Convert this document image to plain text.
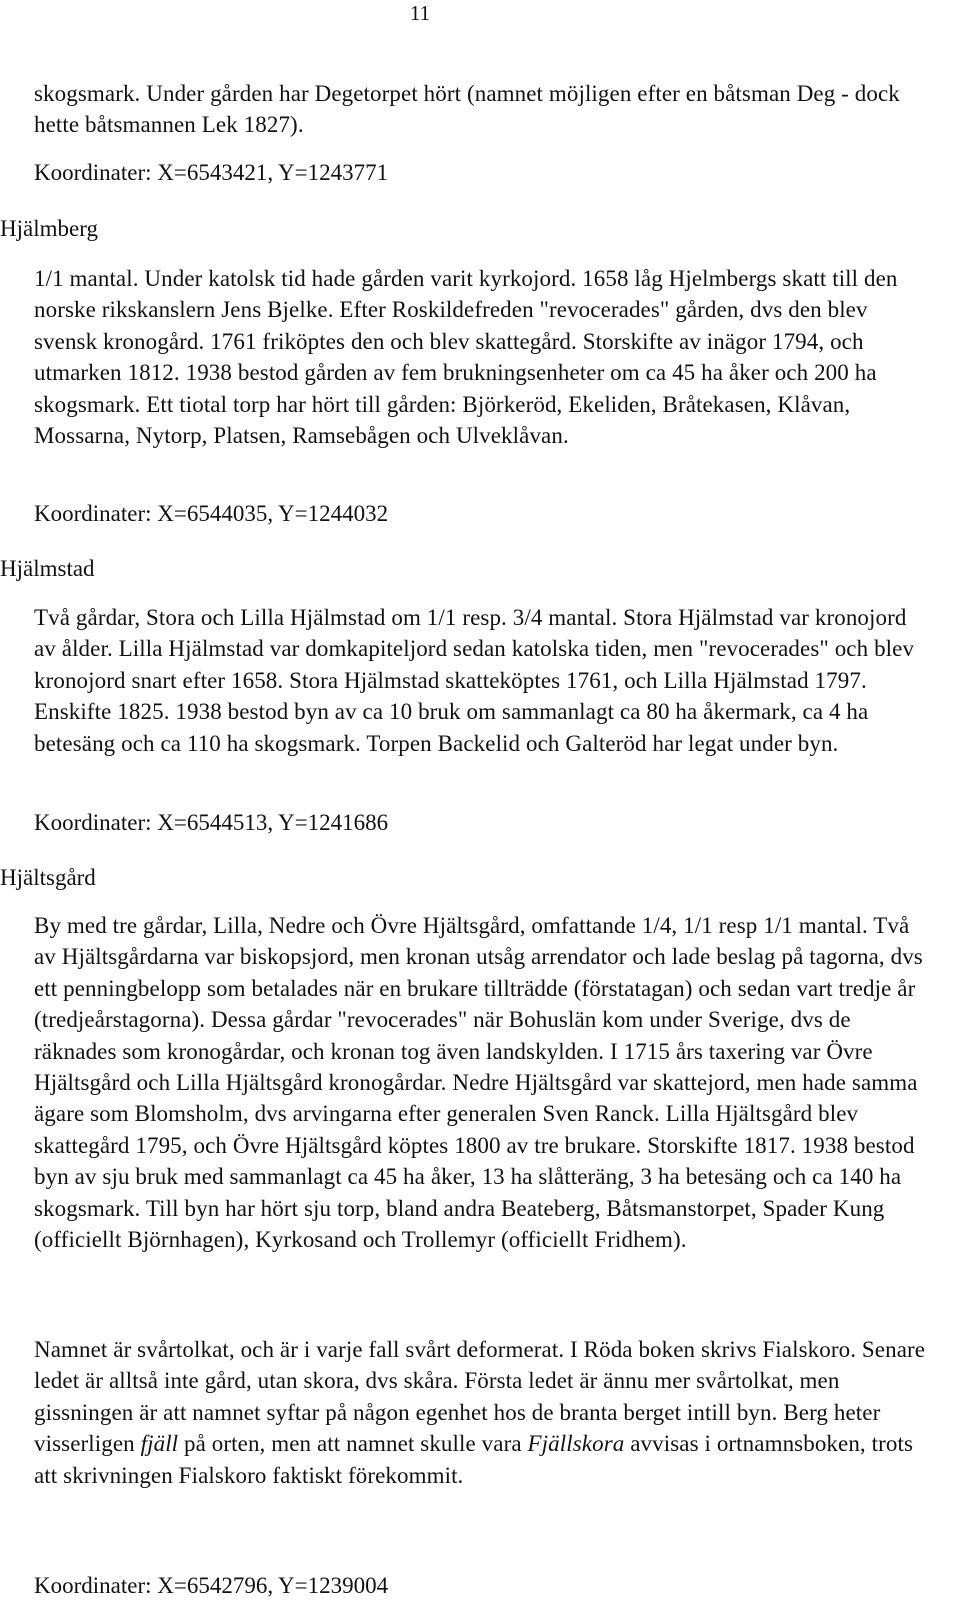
11

skogsmark. Under gården har Degetorpet hört (namnet möjligen efter en båtsman Deg - dock hette båtsmannen Lek 1827).

Koordinater: X=6543421, Y=1243771

Hjälmberg

1/1 mantal. Under katolsk tid hade gården varit kyrkojord. 1658 låg Hjelmbergs skatt till den norske rikskanslern Jens Bjelke. Efter Roskildefreden "revocerades" gården, dvs den blev svensk kronogård. 1761 friköptes den och blev skattegård. Storskifte av inägor 1794, och utmarken 1812. 1938 bestod gården av fem brukningsenheter om ca 45 ha åker och 200 ha skogsmark. Ett tiotal torp har hört till gården: Björkeröd, Ekeliden, Bråtekasen, Klåvan, Mossarna, Nytorp, Platsen, Ramsebågen och Ulveklåvan.

Koordinater: X=6544035, Y=1244032

Hjälmstad

Två gårdar, Stora och Lilla Hjälmstad om 1/1 resp. 3/4 mantal. Stora Hjälmstad var kronojord av ålder. Lilla Hjälmstad var domkapiteljord sedan katolska tiden, men "revocerades" och blev kronojord snart efter 1658. Stora Hjälmstad skatteköptes 1761, och Lilla Hjälmstad 1797. Enskifte 1825. 1938 bestod byn av ca 10 bruk om sammanlagt ca 80 ha åkermark, ca 4 ha betesäng och ca 110 ha skogsmark. Torpen Backelid och Galteröd har legat under byn.

Koordinater: X=6544513, Y=1241686

Hjältsgård

By med tre gårdar, Lilla, Nedre och Övre Hjältsgård, omfattande 1/4, 1/1 resp 1/1 mantal. Två av Hjältsgårdarna var biskopsjord, men kronan utsåg arrendator och lade beslag på tagorna, dvs ett penningbelopp som betalades när en brukare tillträdde (förstatagan) och sedan vart tredje år (tredjeårstagorna). Dessa gårdar "revocerades" när Bohuslän kom under Sverige, dvs de räknades som kronogårdar, och kronan tog även landskylden. I 1715 års taxering var Övre Hjältsgård och Lilla Hjältsgård kronogårdar. Nedre Hjältsgård var skattejord, men hade samma ägare som Blomsholm, dvs arvingarna efter generalen Sven Ranck. Lilla Hjältsgård blev skattegård 1795, och Övre Hjältsgård köptes 1800 av tre brukare. Storskifte 1817. 1938 bestod byn av sju bruk med sammanlagt ca 45 ha åker, 13 ha slåtteräng, 3 ha betesäng och ca 140 ha skogsmark. Till byn har hört sju torp, bland andra Beateberg, Båtsmanstorpet, Spader Kung (officiellt Björnhagen), Kyrkosand och Trollemyr (officiellt Fridhem).

Namnet är svårtolkat, och är i varje fall svårt deformerat. I Röda boken skrivs Fialskoro. Senare ledet är alltså inte gård, utan skora, dvs skåra. Första ledet är ännu mer svårtolkat, men gissningen är att namnet syftar på någon egenhet hos de branta berget intill byn. Berg heter visserligen fjäll på orten, men att namnet skulle vara Fjällskora avvisas i ortnamnsboken, trots att skrivningen Fialskoro faktiskt förekommit.

Koordinater: X=6542796, Y=1239004
